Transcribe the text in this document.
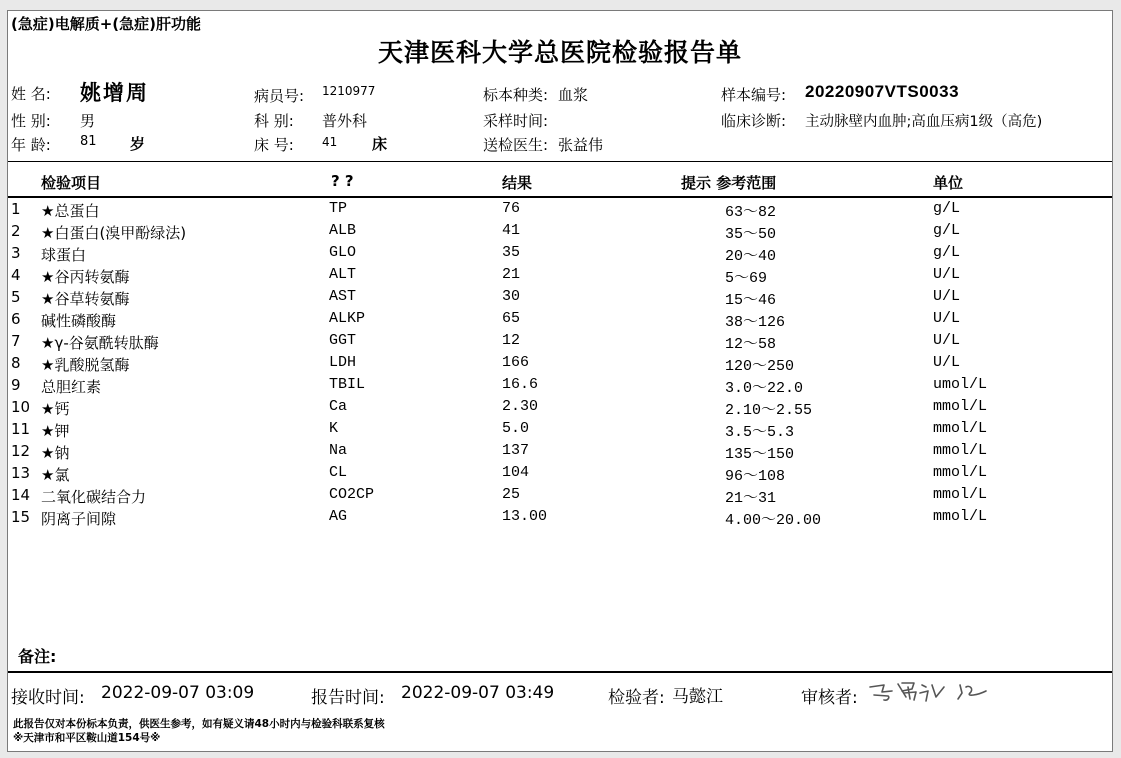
(急症)电解质+(急症)肝功能
天津医科大学总医院检验报告单
姓 名: 姚增周
性 别: 男
年 龄: 81 岁
病员号: 1210977
科 别: 普外科
床 号: 41 床
标本种类: 血浆
采样时间:
送检医生: 张益伟
样本编号: 20220907VTS0033
临床诊断: 主动脉壁内血肿;高血压病1级（高危)
检验项目	? ?	结果	提示 参考范围	单位
1 ★总蛋白	TP	76	63～82	g/L
2 ★白蛋白(溴甲酚绿法)	ALB	41	35～50	g/L
3 球蛋白	GLO	35	20～40	g/L
4 ★谷丙转氨酶	ALT	21	5～69	U/L
5 ★谷草转氨酶	AST	30	15～46	U/L
6 碱性磷酸酶	ALKP	65	38～126	U/L
7 ★γ-谷氨酰转肽酶	GGT	12	12～58	U/L
8 ★乳酸脱氢酶	LDH	166	120～250	U/L
9 总胆红素	TBIL	16.6	3.0～22.0	umol/L
10 ★钙	Ca	2.30	2.10～2.55	mmol/L
11 ★钾	K	5.0	3.5～5.3	mmol/L
12 ★钠	Na	137	135～150	mmol/L
13 ★氯	CL	104	96～108	mmol/L
14 二氧化碳结合力	CO2CP	25	21～31	mmol/L
15 阴离子间隙	AG	13.00	4.00～20.00	mmol/L
备注:
接收时间: 2022-09-07 03:09	报告时间: 2022-09-07 03:49	检验者: 马懿江	审核者:
此报告仅对本份标本负责，供医生参考，如有疑义请48小时内与检验科联系复核
※天津市和平区鞍山道154号※
